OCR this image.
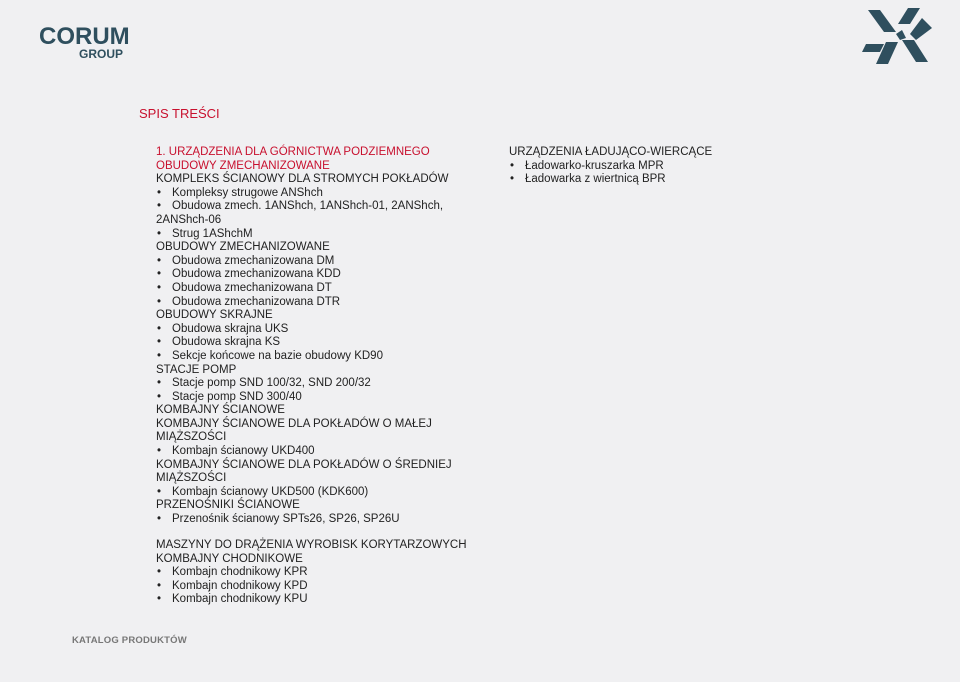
CORUM
GROUP
SPIS TREŚCI
1. URZĄDZENIA DLA GÓRNICTWA PODZIEMNEGO
OBUDOWY ZMECHANIZOWANE
KOMPLEKS ŚCIANOWY DLA STROMYCH POKŁADÓW
• Kompleksy strugowe ANShch
• Obudowa zmech. 1ANShch, 1ANShch-01, 2ANShch,
2ANShch-06
• Strug 1AShchM
OBUDOWY ZMECHANIZOWANE
• Obudowa zmechanizowana DM
• Obudowa zmechanizowana KDD
• Obudowa zmechanizowana DT
• Obudowa zmechanizowana DTR
OBUDOWY SKRAJNE
• Obudowa skrajna UKS
• Obudowa skrajna KS
• Sekcje końcowe na bazie obudowy KD90
STACJE POMP
• Stacje pomp SND 100/32, SND 200/32
• Stacje pomp SND 300/40
KOMBAJNY ŚCIANOWE
KOMBAJNY ŚCIANOWE DLA POKŁADÓW O MAŁEJ
MIĄŻSZOŚCI
• Kombajn ścianowy UKD400
KOMBAJNY ŚCIANOWE DLA POKŁADÓW O ŚREDNIEJ
MIĄŻSZOŚCI
• Kombajn ścianowy UKD500 (KDK600)
PRZENOŚNIKI ŚCIANOWE
• Przenośnik ścianowy SPTs26, SP26, SP26U
MASZYNY DO DRĄŻENIA WYROBISK KORYTARZOWYCH
KOMBAJNY CHODNIKOWE
• Kombajn chodnikowy KPR
• Kombajn chodnikowy KPD
• Kombajn chodnikowy KPU
URZĄDZENIA ŁADUJĄCO-WIERCĄCE
• Ładowarko-kruszarka MPR
• Ładowarka z wiertnicą BPR
KATALOG PRODUKTÓW
